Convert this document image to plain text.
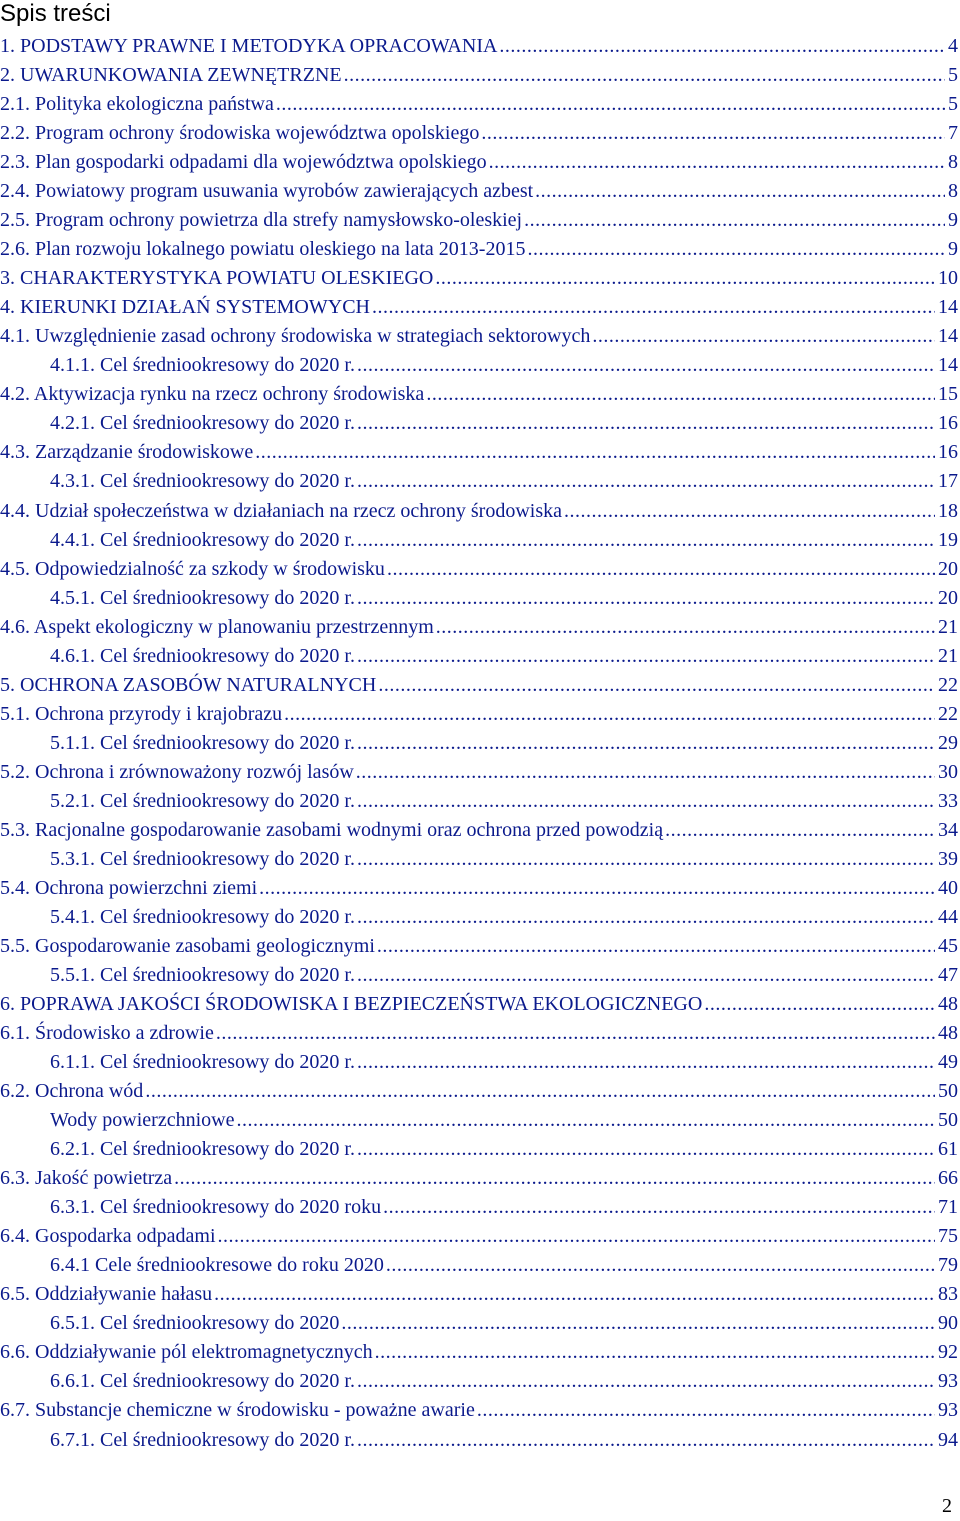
Spis treści
1. PODSTAWY PRAWNE I METODYKA OPRACOWANIA .....	4
2. UWARUNKOWANIA ZEWNĘTRZNE .....	5
2.1. Polityka ekologiczna państwa .....	5
2.2. Program ochrony środowiska województwa opolskiego .....	7
2.3. Plan gospodarki odpadami dla województwa opolskiego .....	8
2.4. Powiatowy program usuwania wyrobów zawierających azbest .....	8
2.5. Program ochrony powietrza dla strefy namysłowsko-oleskiej .....	9
2.6. Plan rozwoju lokalnego powiatu oleskiego na lata 2013-2015 .....	9
3. CHARAKTERYSTYKA POWIATU OLESKIEGO .....	10
4. KIERUNKI DZIAŁAŃ SYSTEMOWYCH .....	14
4.1. Uwzględnienie zasad ochrony środowiska w strategiach sektorowych .....	14
4.1.1. Cel średniookresowy do 2020 r. .....	14
4.2. Aktywizacja rynku na rzecz ochrony środowiska .....	15
4.2.1. Cel średniookresowy do 2020 r. .....	16
4.3. Zarządzanie środowiskowe .....	16
4.3.1. Cel średniookresowy do 2020 r. .....	17
4.4. Udział społeczeństwa w działaniach na rzecz ochrony środowiska .....	18
4.4.1. Cel średniookresowy do 2020 r. .....	19
4.5. Odpowiedzialność za szkody w środowisku .....	20
4.5.1. Cel średniookresowy do 2020 r. .....	20
4.6. Aspekt ekologiczny w planowaniu przestrzennym .....	21
4.6.1. Cel średniookresowy do 2020 r. .....	21
5. OCHRONA ZASOBÓW NATURALNYCH .....	22
5.1. Ochrona przyrody i krajobrazu .....	22
5.1.1. Cel średniookresowy do 2020 r. .....	29
5.2. Ochrona i zrównoważony rozwój lasów .....	30
5.2.1. Cel średniookresowy do 2020 r. .....	33
5.3. Racjonalne gospodarowanie zasobami wodnymi oraz ochrona przed powodzią .....	34
5.3.1. Cel średniookresowy do 2020 r. .....	39
5.4. Ochrona powierzchni ziemi .....	40
5.4.1. Cel średniookresowy do 2020 r. .....	44
5.5. Gospodarowanie zasobami geologicznymi .....	45
5.5.1. Cel średniookresowy do 2020 r. .....	47
6. POPRAWA JAKOŚCI ŚRODOWISKA I BEZPIECZEŃSTWA EKOLOGICZNEGO .....	48
6.1. Środowisko a zdrowie .....	48
6.1.1. Cel średniookresowy do 2020 r. .....	49
6.2. Ochrona wód .....	50
Wody powierzchniowe .....	50
6.2.1. Cel średniookresowy do 2020 r. .....	61
6.3. Jakość powietrza .....	66
6.3.1. Cel średniookresowy do 2020 roku .....	71
6.4. Gospodarka odpadami .....	75
6.4.1 Cele średniookresowe do roku 2020 .....	79
6.5. Oddziaływanie hałasu .....	83
6.5.1. Cel średniookresowy do 2020 .....	90
6.6. Oddziaływanie pól elektromagnetycznych .....	92
6.6.1. Cel średniookresowy do 2020 r. .....	93
6.7. Substancje chemiczne w środowisku - poważne awarie .....	93
6.7.1. Cel średniookresowy do 2020 r. .....	94
2
